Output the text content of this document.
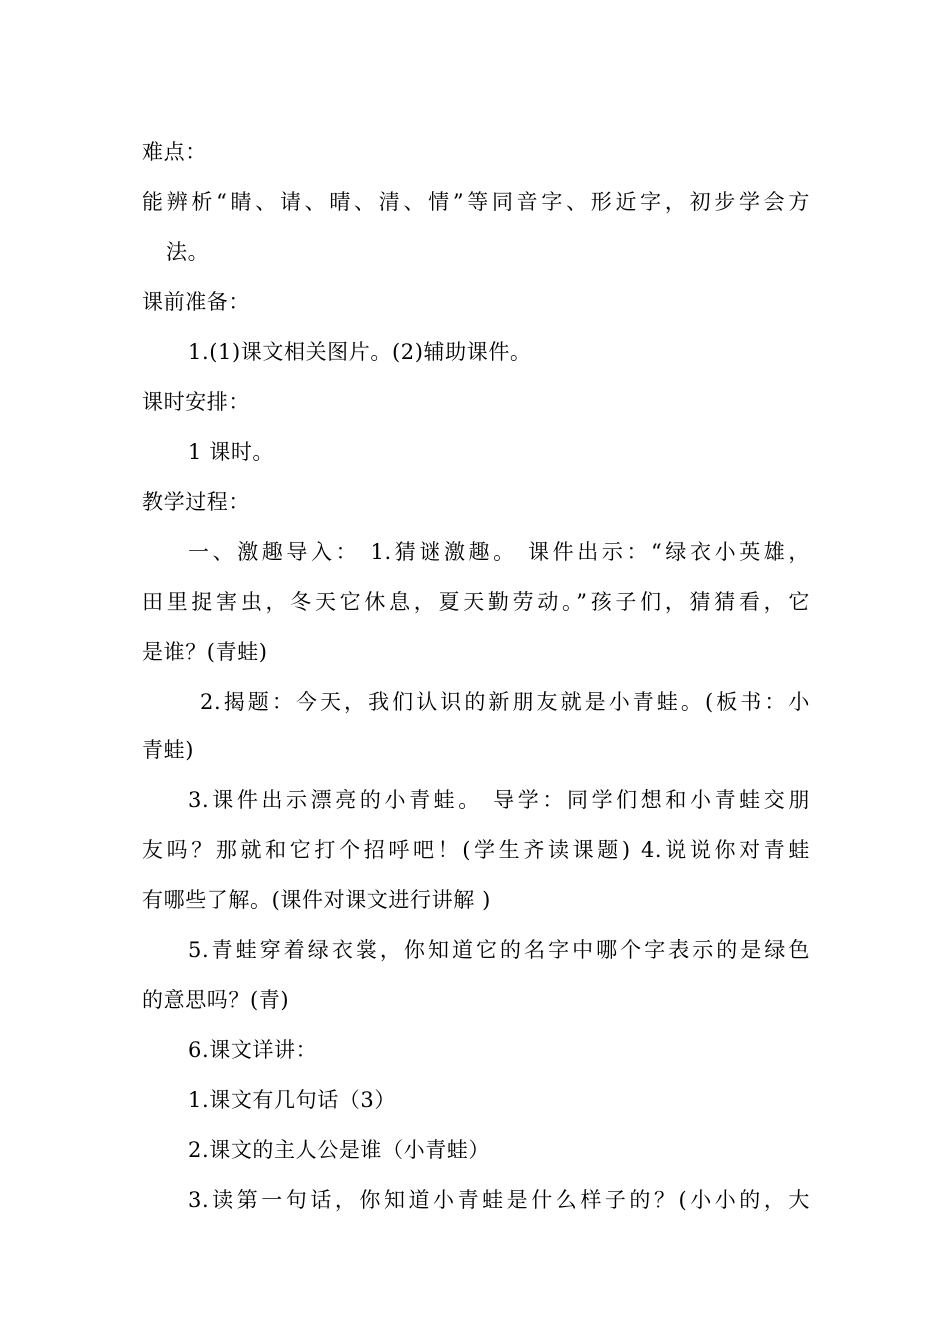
难点：
能辨析“睛、请、晴、清、情”等同音字、形近字，初步学会方
法。
课前准备：
1.(1)课文相关图片。(2)辅助课件。
课时安排：
1 课时。
教学过程：
一、激趣导入： 1.猜谜激趣。 课件出示：“绿衣小英雄，
田里捉害虫，冬天它休息，夏天勤劳动。”孩子们，猜猜看，它
是谁？(青蛙)
2.揭题：今天，我们认识的新朋友就是小青蛙。(板书：小
青蛙)
3.课件出示漂亮的小青蛙。 导学：同学们想和小青蛙交朋
友吗？那就和它打个招呼吧！(学生齐读课题) 4.说说你对青蛙
有哪些了解。(课件对课文进行讲解 )
5.青蛙穿着绿衣裳，你知道它的名字中哪个字表示的是绿色
的意思吗？(青)
6.课文详讲：
1.课文有几句话（3）
2.课文的主人公是谁（小青蛙）
3.读第一句话，你知道小青蛙是什么样子的？(小小的，大
